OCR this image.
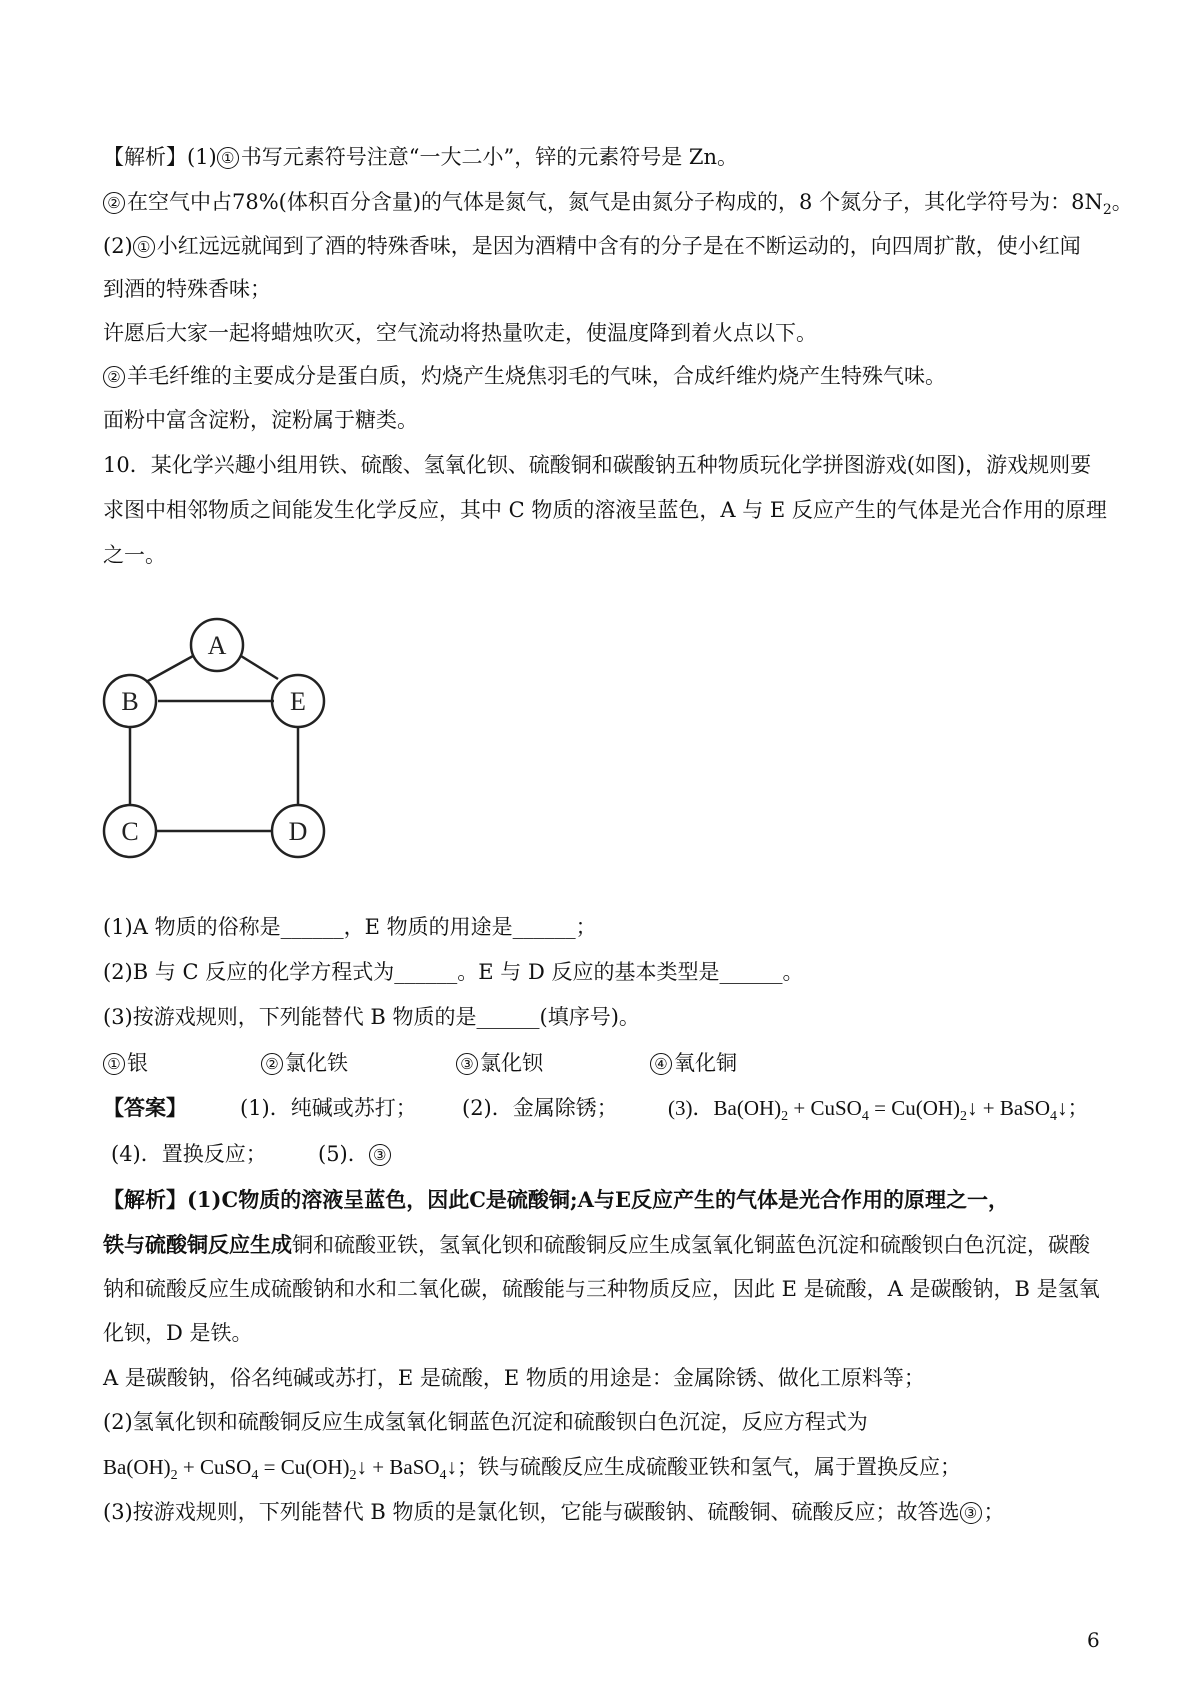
【解析】(1) ① 书写元素符号注意“一大二小”，锌的元素符号是 Zn。
② 在空气中占78%(体积百分含量)的气体是氮气，氮气是由氮分子构成的，8 个氮分子，其化学符号为：$8N_2$。
(2) ① 小红远远就闻到了酒的特殊香味，是因为酒精中含有的分子是在不断运动的，向四周扩散，使小红闻
到酒的特殊香味；
许愿后大家一起将蜡烛吹灭，空气流动将热量吹走，使温度降到着火点以下。
② 羊毛纤维的主要成分是蛋白质，灼烧产生烧焦羽毛的气味，合成纤维灼烧产生特殊气味。
面粉中富含淀粉，淀粉属于糖类。
10．某化学兴趣小组用铁、硫酸、氢氧化钡、硫酸铜和碳酸钠五种物质玩化学拼图游戏(如图)，游戏规则要
求图中相邻物质之间能发生化学反应，其中 C 物质的溶液呈蓝色，A 与 E 反应产生的气体是光合作用的原理
之一。
A
B	E
C	D
(1)A 物质的俗称是______，E 物质的用途是______；
(2)B 与 C 反应的化学方程式为______。E 与 D 反应的基本类型是______。
(3)按游戏规则，下列能替代 B 物质的是______(填序号)。
① 银	② 氯化铁	③ 氯化钡	④ 氧化铜
【答案】	(1)．纯碱或苏打； (2)．金属除锈； (3)．$Ba(OH)_2$ + CuSO$_4$ = $Cu(OH)_2↓$ + BaSO$_4$↓；
(4)．置换反应； (5)． ③
【解析】(1)C物质的溶液呈蓝色，因此C是硫酸铜;A与E反应产生的气体是光合作用的原理之一，
铁与硫酸铜反应生成铜和硫酸亚铁，氢氧化钡和硫酸铜反应生成氢氧化铜蓝色沉淀和硫酸钡白色沉淀，碳酸
钠和硫酸反应生成硫酸钠和水和二氧化碳，硫酸能与三种物质反应，因此 E 是硫酸，A 是碳酸钠，B 是氢氧
化钡，D 是铁。
A 是碳酸钠，俗名纯碱或苏打，E 是硫酸，E 物质的用途是：金属除锈、做化工原料等；
(2)氢氧化钡和硫酸铜反应生成氢氧化铜蓝色沉淀和硫酸钡白色沉淀，反应方程式为
$Ba(OH)_2$ + CuSO$_4$ = $Cu(OH)_2↓$ + BaSO$_4$↓；铁与硫酸反应生成硫酸亚铁和氢气，属于置换反应；
(3)按游戏规则，下列能替代 B 物质的是氯化钡，它能与碳酸钠、硫酸铜、硫酸反应；故答选 ③ ；
6
